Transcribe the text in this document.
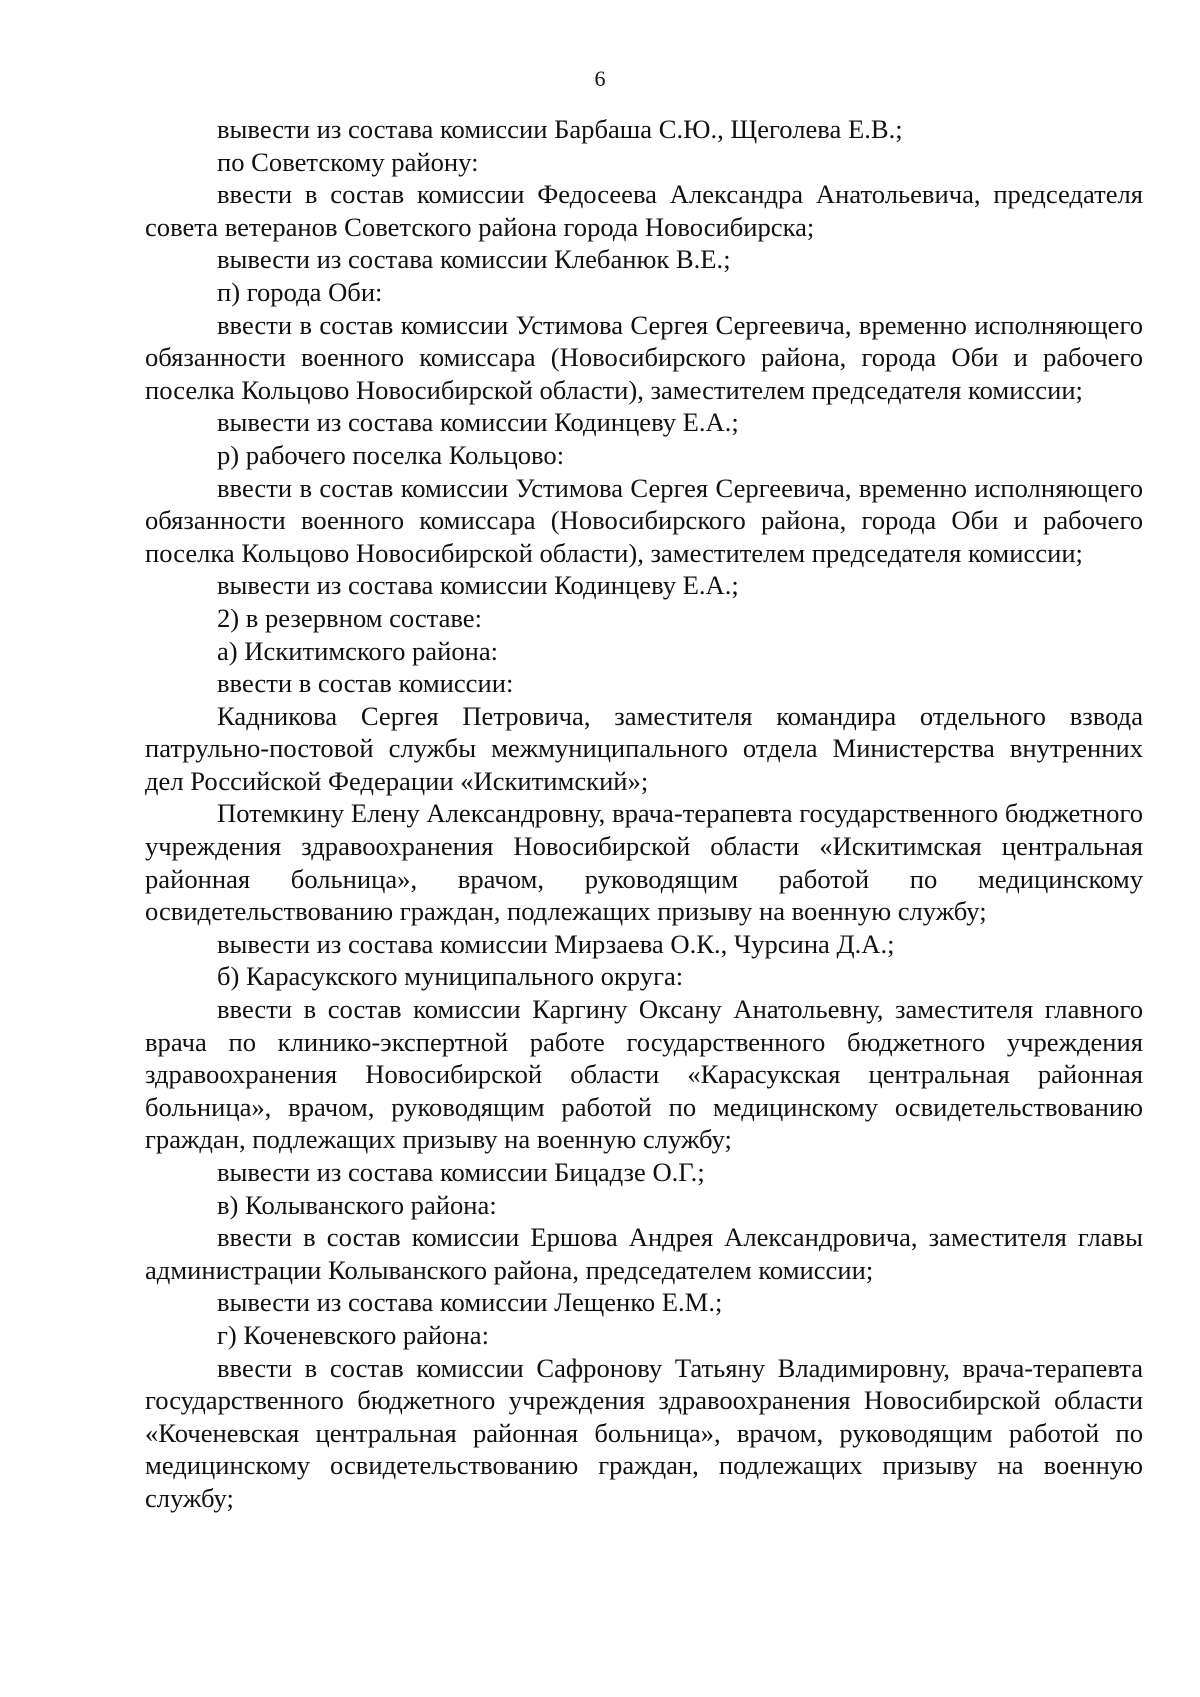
6

вывести из состава комиссии Барбаша С.Ю., Щеголева Е.В.;

по Советскому району:

ввести в состав комиссии Федосеева Александра Анатольевича, председателя совета ветеранов Советского района города Новосибирска;

вывести из состава комиссии Клебанюк В.Е.;

п) города Оби:

ввести в состав комиссии Устимова Сергея Сергеевича, временно исполняющего обязанности военного комиссара (Новосибирского района, города Оби и рабочего поселка Кольцово Новосибирской области), заместителем председателя комиссии;

вывести из состава комиссии Кодинцеву Е.А.;

р) рабочего поселка Кольцово:

ввести в состав комиссии Устимова Сергея Сергеевича, временно исполняющего обязанности военного комиссара (Новосибирского района, города Оби и рабочего поселка Кольцово Новосибирской области), заместителем председателя комиссии;

вывести из состава комиссии Кодинцеву Е.А.;

2) в резервном составе:

а) Искитимского района:

ввести в состав комиссии:

Кадникова Сергея Петровича, заместителя командира отдельного взвода патрульно-постовой службы межмуниципального отдела Министерства внутренних дел Российской Федерации «Искитимский»;

Потемкину Елену Александровну, врача-терапевта государственного бюджетного учреждения здравоохранения Новосибирской области «Искитимская центральная районная больница», врачом, руководящим работой по медицинскому освидетельствованию граждан, подлежащих призыву на военную службу;

вывести из состава комиссии Мирзаева О.К., Чурсина Д.А.;

б) Карасукского муниципального округа:

ввести в состав комиссии Каргину Оксану Анатольевну, заместителя главного врача по клинико-экспертной работе государственного бюджетного учреждения здравоохранения Новосибирской области «Карасукская центральная районная больница», врачом, руководящим работой по медицинскому освидетельствованию граждан, подлежащих призыву на военную службу;

вывести из состава комиссии Бицадзе О.Г.;

в) Колыванского района:

ввести в состав комиссии Ершова Андрея Александровича, заместителя главы администрации Колыванского района, председателем комиссии;

вывести из состава комиссии Лещенко Е.М.;

г) Коченевского района:

ввести в состав комиссии Сафронову Татьяну Владимировну, врача-терапевта государственного бюджетного учреждения здравоохранения Новосибирской области «Коченевская центральная районная больница», врачом, руководящим работой по медицинскому освидетельствованию граждан, подлежащих призыву на военную службу;
